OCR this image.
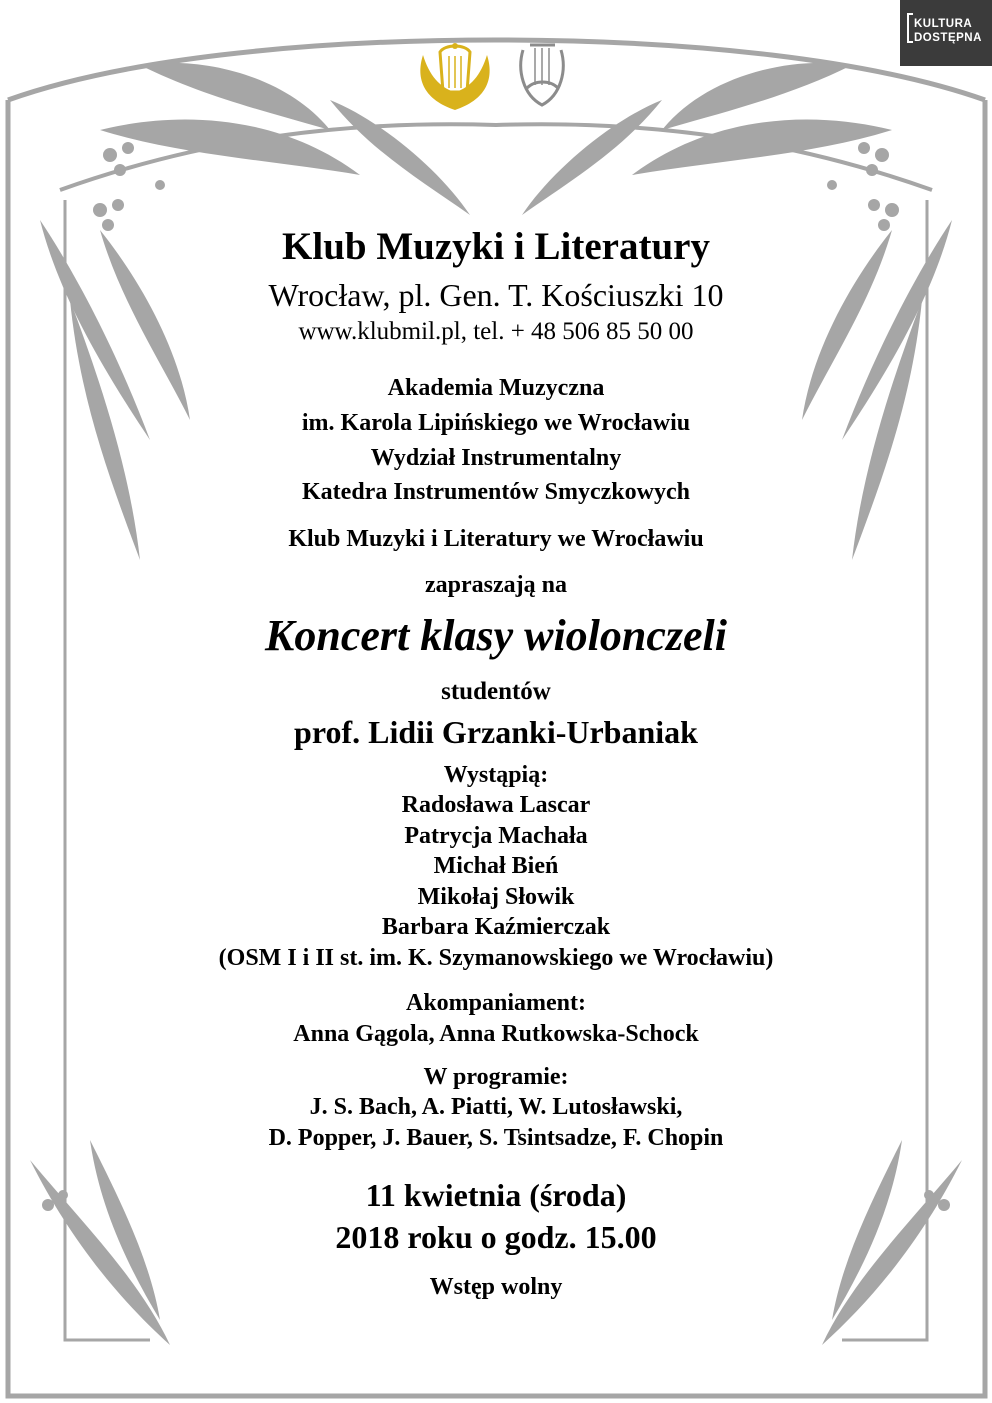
KULTURA
DOSTĘPNA
Klub Muzyki i Literatury
Wrocław, pl. Gen. T. Kościuszki 10
www.klubmil.pl, tel. + 48 506 85 50 00
Akademia Muzyczna
im. Karola Lipińskiego we Wrocławiu
Wydział Instrumentalny
Katedra Instrumentów Smyczkowych
Klub Muzyki i Literatury we Wrocławiu
zapraszają na
Koncert klasy wiolonczeli
studentów
prof. Lidii Grzanki-Urbaniak
Wystąpią:
Radosława Lascar
Patrycja Machała
Michał Bień
Mikołaj Słowik
Barbara Kaźmierczak
(OSM I i II st. im. K. Szymanowskiego we Wrocławiu)
Akompaniament:
Anna Gągola, Anna Rutkowska-Schock
W programie:
J. S. Bach, A. Piatti, W. Lutosławski,
D. Popper, J. Bauer, S. Tsintsadze, F. Chopin
11 kwietnia (środa)
2018 roku o godz. 15.00
Wstęp wolny
